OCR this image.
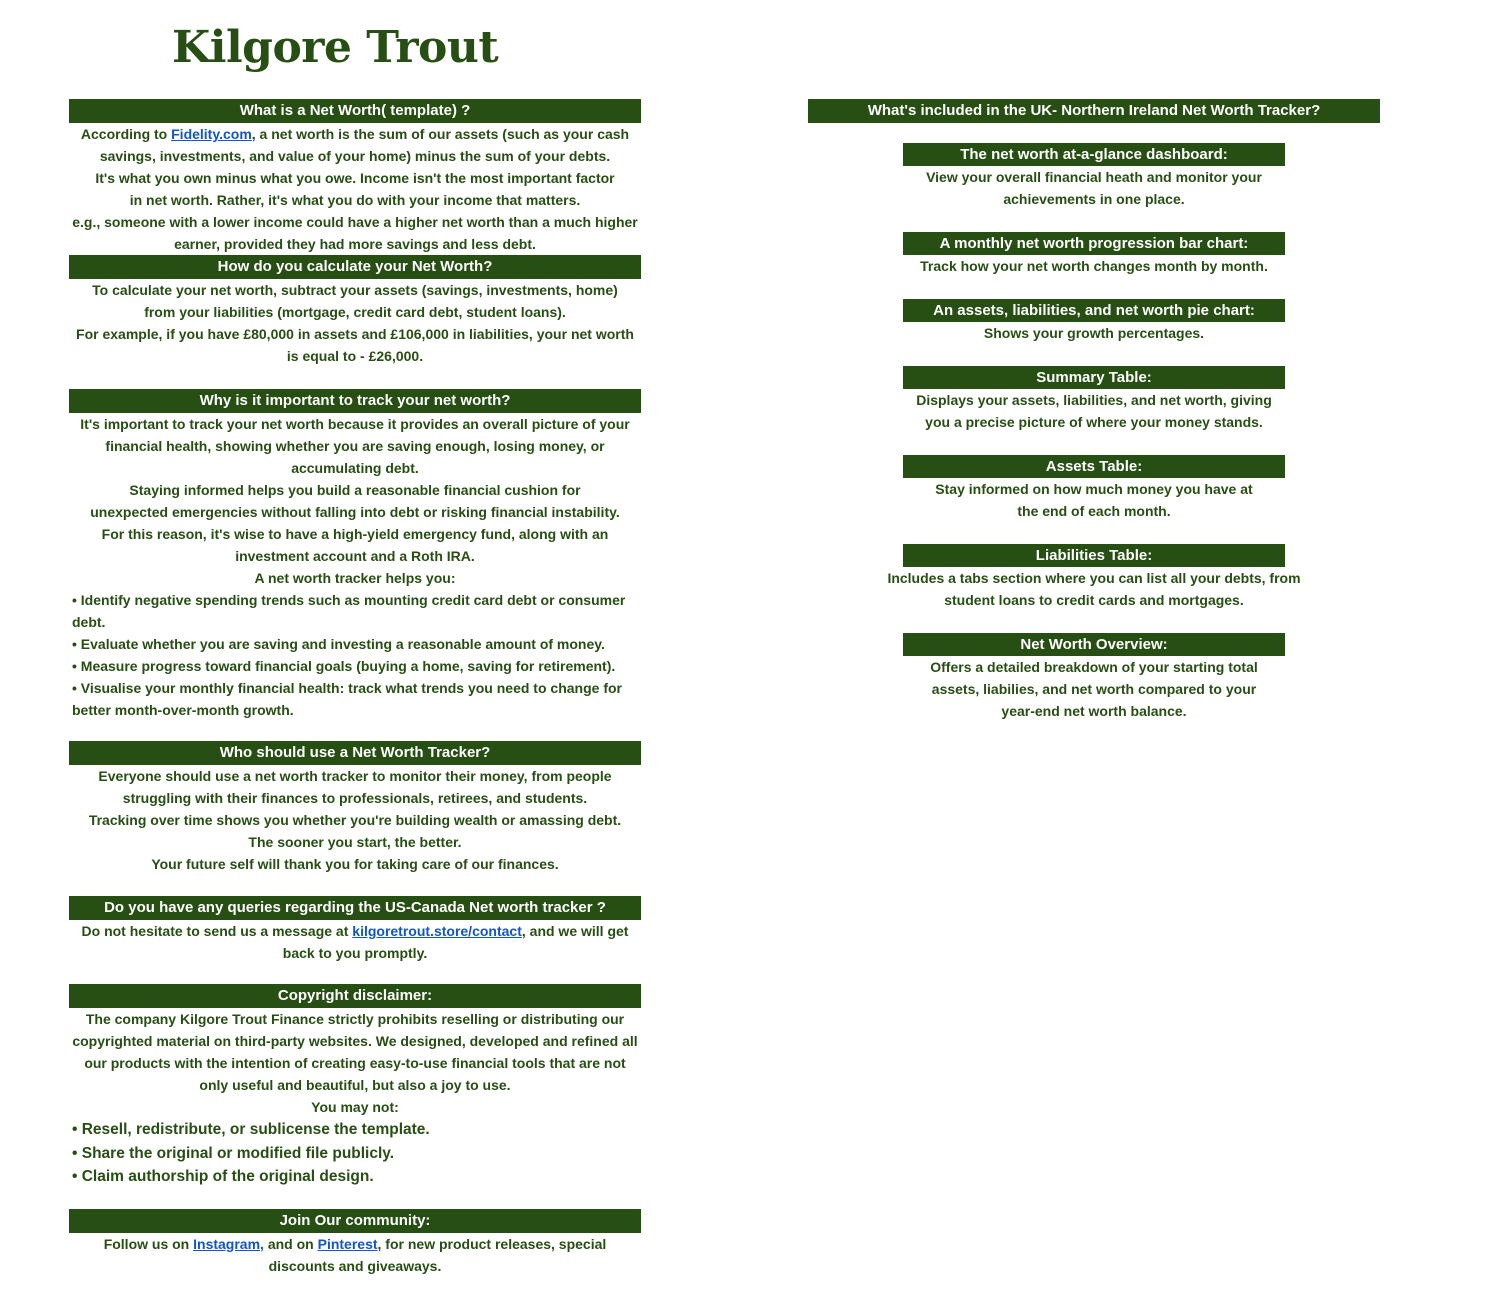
Kilgore Trout
What is a Net Worth( template) ?

According to Fidelity.com, a net worth is the sum of our assets (such as your cash savings, investments, and value of your home) minus the sum of your debts.

It's what you own minus what you owe. Income isn't the most important factor in net worth. Rather, it's what you do with your income that matters.

e.g., someone with a lower income could have a higher net worth than a much higher earner, provided they had more savings and less debt.

How do you calculate your Net Worth?

To calculate your net worth, subtract your assets (savings, investments, home) from your liabilities (mortgage, credit card debt, student loans).

For example, if you have £80,000 in assets and £106,000 in liabilities, your net worth is equal to - £26,000.

Why is it important to track your net worth?

It's important to track your net worth because it provides an overall picture of your financial health, showing whether you are saving enough, losing money, or accumulating debt.

Staying informed helps you build a reasonable financial cushion for unexpected emergencies without falling into debt or risking financial instability.

For this reason, it's wise to have a high-yield emergency fund, along with an investment account and a Roth IRA.

A net worth tracker helps you:

• Identify negative spending trends such as mounting credit card debt or consumer debt.

• Evaluate whether you are saving and investing a reasonable amount of money.

• Measure progress toward financial goals (buying a home, saving for retirement).

• Visualise your monthly financial health: track what trends you need to change for better month-over-month growth.

Who should use a Net Worth Tracker?

Everyone should use a net worth tracker to monitor their money, from people struggling with their finances to professionals, retirees, and students.

Tracking over time shows you whether you're building wealth or amassing debt.

The sooner you start, the better.

Your future self will thank you for taking care of our finances.

Do you have any queries regarding the US-Canada Net worth tracker ?

Do not hesitate to send us a message at kilgoretrout.store/contact, and we will get back to you promptly.

Copyright disclaimer:

The company Kilgore Trout Finance strictly prohibits reselling or distributing our copyrighted material on third-party websites. We designed, developed and refined all our products with the intention of creating easy-to-use financial tools that are not only useful and beautiful, but also a joy to use.

You may not:

• Resell, redistribute, or sublicense the template.

• Share the original or modified file publicly.

• Claim authorship of the original design.

Join Our community:

Follow us on Instagram, and on Pinterest, for new product releases, special discounts and giveaways.

What's included in the UK- Northern Ireland Net Worth Tracker?
The net worth at-a-glance dashboard:

View your overall financial heath and monitor your achievements in one place.

A monthly net worth progression bar chart:

Track how your net worth changes month by month.

An assets, liabilities, and net worth pie chart:

Shows your growth percentages.

Summary Table:

Displays your assets, liabilities, and net worth, giving you a precise picture of where your money stands.

Assets Table:

Stay informed on how much money you have at the end of each month.

Liabilities Table:

Includes a tabs section where you can list all your debts, from student loans to credit cards and mortgages.

Net Worth Overview:

Offers a detailed breakdown of your starting total assets, liabilies, and net worth compared to your year-end net worth balance.
